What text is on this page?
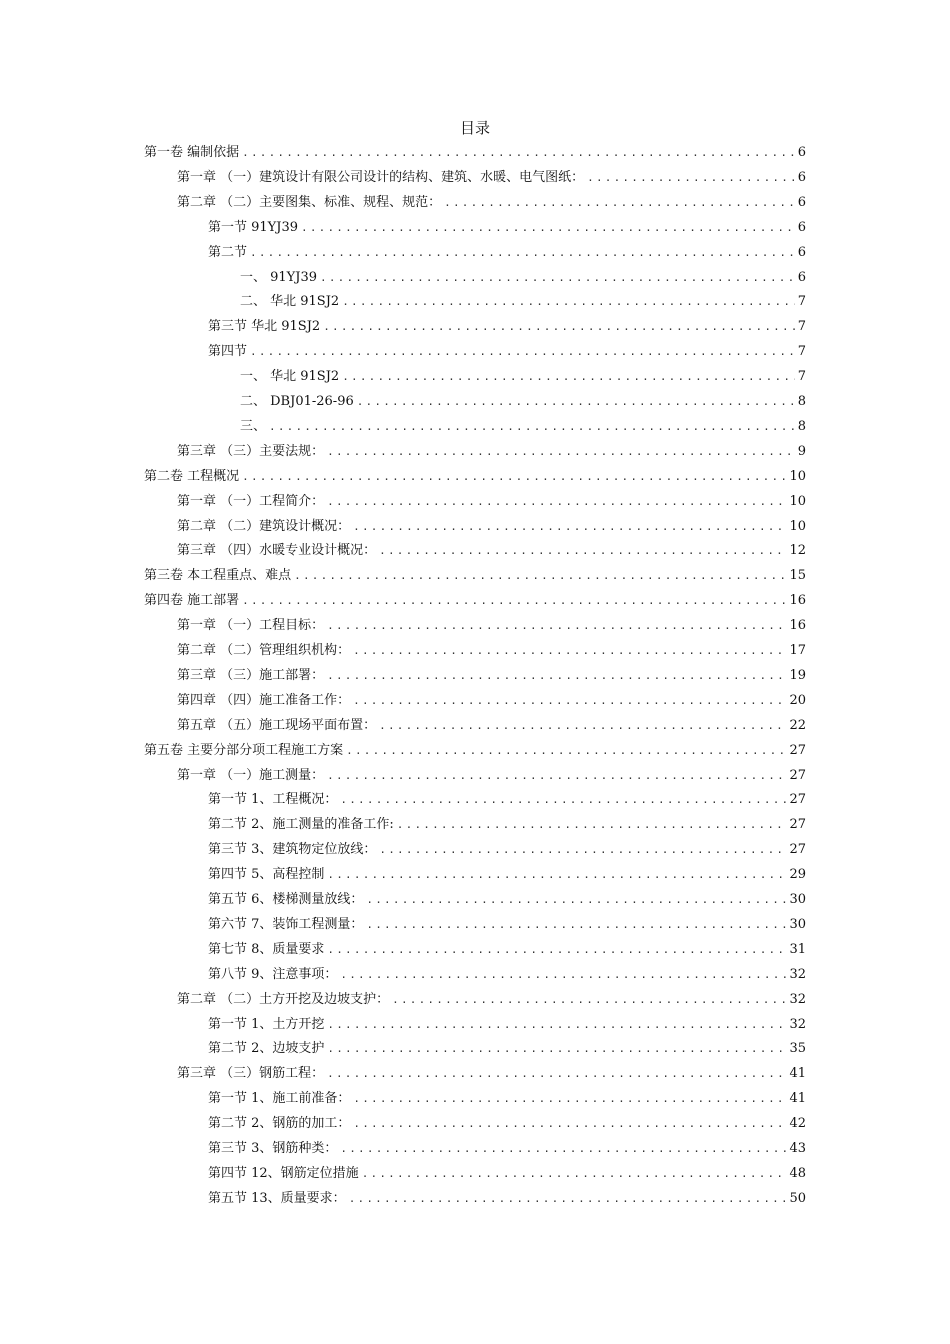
目录
第一卷 编制依据 .....	6
第一章 （一）建筑设计有限公司设计的结构、建筑、水暖、电气图纸： .....	6
第二章 （二）主要图集、标准、规程、规范： .....	6
第一节 91YJ39 .....	6
第二节 .....	6
一、 91YJ39 .....	6
二、 华北 91SJ2 .....	7
第三节 华北 91SJ2 .....	7
第四节 .....	7
一、 华北 91SJ2 .....	7
二、 DBJ01-26-96 .....	8
三、 .....	8
第三章 （三）主要法规： .....	9
第二卷 工程概况 .....	10
第一章 （一）工程简介： .....	10
第二章 （二）建筑设计概况： .....	10
第三章 （四）水暖专业设计概况： .....	12
第三卷 本工程重点、难点 .....	15
第四卷 施工部署 .....	16
第一章 （一）工程目标： .....	16
第二章 （二）管理组织机构： .....	17
第三章 （三）施工部署： .....	19
第四章 （四）施工准备工作： .....	20
第五章 （五）施工现场平面布置： .....	22
第五卷 主要分部分项工程施工方案 .....	27
第一章 （一）施工测量： .....	27
第一节 1、工程概况： .....	27
第二节 2、施工测量的准备工作: .....	27
第三节 3、建筑物定位放线： .....	27
第四节 5、高程控制 .....	29
第五节 6、楼梯测量放线： .....	30
第六节 7、装饰工程测量： .....	30
第七节 8、质量要求 .....	31
第八节 9、注意事项： .....	32
第二章 （二）土方开挖及边坡支护： .....	32
第一节 1、土方开挖 .....	32
第二节 2、边坡支护 .....	35
第三章 （三）钢筋工程： .....	41
第一节 1、施工前准备： .....	41
第二节 2、钢筋的加工： .....	42
第三节 3、钢筋种类： .....	43
第四节 12、钢筋定位措施 .....	48
第五节 13、质量要求： .....	50
